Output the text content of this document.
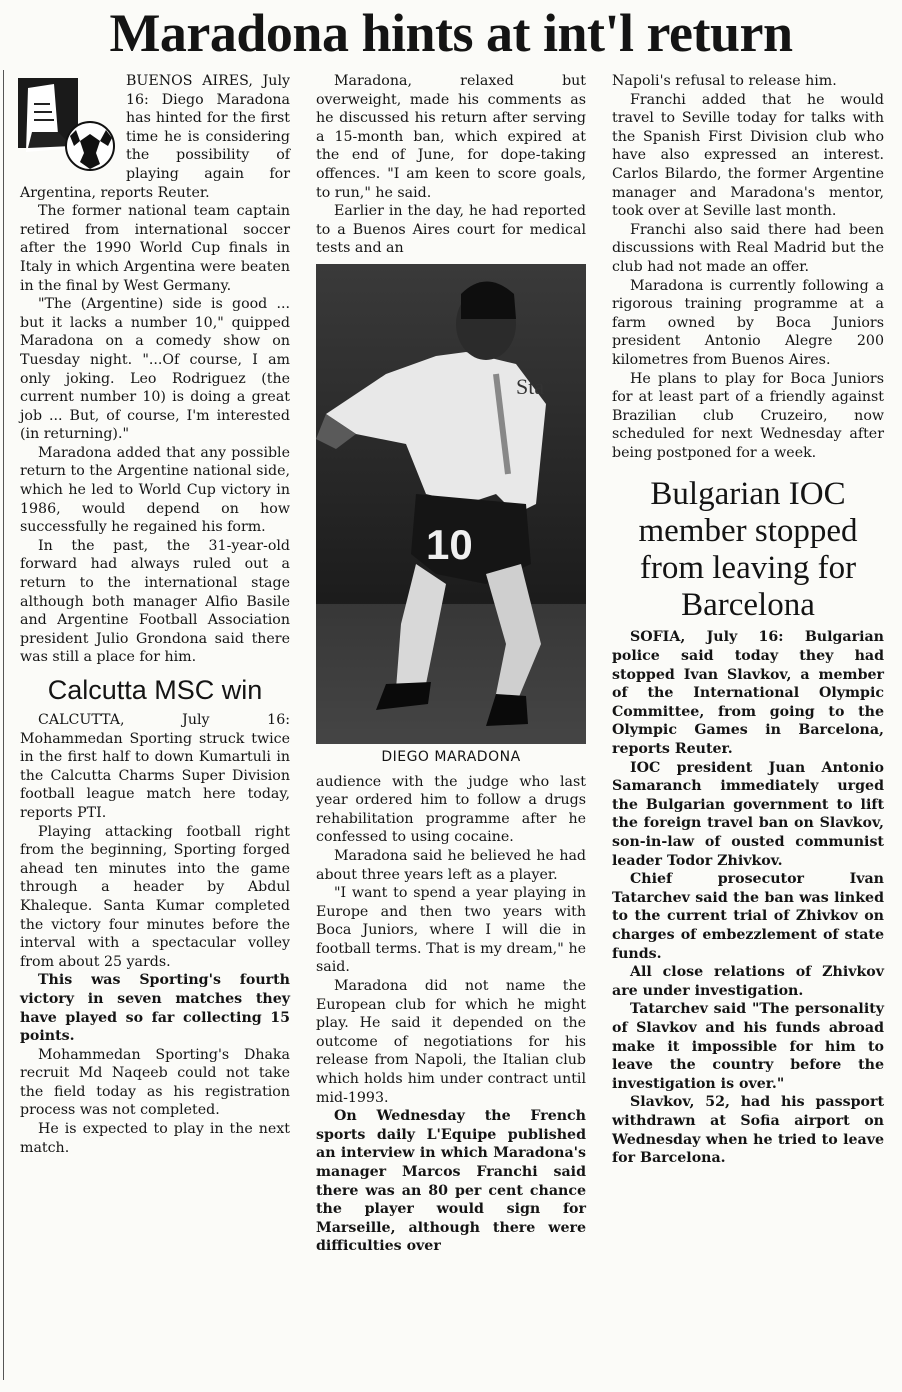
Maradona hints at int'l return

BUENOS AIRES, July 16: Diego Maradona has hinted for the first time he is considering the possibility of playing again for Argentina, reports Reuter.

The former national team captain retired from international soccer after the 1990 World Cup finals in Italy in which Argentina were beaten in the final by West Germany.

"The (Argentine) side is good ... but it lacks a number 10," quipped Maradona on a comedy show on Tuesday night. "...Of course, I am only joking. Leo Rodriguez (the current number 10) is doing a great job ... But, of course, I'm interested (in returning)."

Maradona added that any possible return to the Argentine national side, which he led to World Cup victory in 1986, would depend on how successfully he regained his form.

In the past, the 31-year-old forward had always ruled out a return to the international stage although both manager Alfio Basile and Argentine Football Association president Julio Grondona said there was still a place for him.

Calcutta MSC win

CALCUTTA, July 16: Mohammedan Sporting struck twice in the first half to down Kumartuli in the Calcutta Charms Super Division football league match here today, reports PTI.

Playing attacking football right from the beginning, Sporting forged ahead ten minutes into the game through a header by Abdul Khaleque. Santa Kumar completed the victory four minutes before the interval with a spectacular volley from about 25 yards.

This was Sporting's fourth victory in seven matches they have played so far collecting 15 points.

Mohammedan Sporting's Dhaka recruit Md Naqeeb could not take the field today as his registration process was not completed.

He is expected to play in the next match.

Maradona, relaxed but overweight, made his comments as he discussed his return after serving a 15-month ban, which expired at the end of June, for dope-taking offences. "I am keen to score goals, to run," he said.

Earlier in the day, he had reported to a Buenos Aires court for medical tests and an

Sta
10
DIEGO MARADONA

audience with the judge who last year ordered him to follow a drugs rehabilitation programme after he confessed to using cocaine.

Maradona said he believed he had about three years left as a player.

"I want to spend a year playing in Europe and then two years with Boca Juniors, where I will die in football terms. That is my dream," he said.

Maradona did not name the European club for which he might play. He said it depended on the outcome of negotiations for his release from Napoli, the Italian club which holds him under contract until mid-1993.

On Wednesday the French sports daily L'Equipe published an interview in which Maradona's manager Marcos Franchi said there was an 80 per cent chance the player would sign for Marseille, although there were difficulties over

Napoli's refusal to release him.

Franchi added that he would travel to Seville today for talks with the Spanish First Division club who have also expressed an interest. Carlos Bilardo, the former Argentine manager and Maradona's mentor, took over at Seville last month.

Franchi also said there had been discussions with Real Madrid but the club had not made an offer.

Maradona is currently following a rigorous training programme at a farm owned by Boca Juniors president Antonio Alegre 200 kilometres from Buenos Aires.

He plans to play for Boca Juniors for at least part of a friendly against Brazilian club Cruzeiro, now scheduled for next Wednesday after being postponed for a week.

Bulgarian IOC member stopped from leaving for Barcelona

SOFIA, July 16: Bulgarian police said today they had stopped Ivan Slavkov, a member of the International Olympic Committee, from going to the Olympic Games in Barcelona, reports Reuter.

IOC president Juan Antonio Samaranch immediately urged the Bulgarian government to lift the foreign travel ban on Slavkov, son-in-law of ousted communist leader Todor Zhivkov.

Chief prosecutor Ivan Tatarchev said the ban was linked to the current trial of Zhivkov on charges of embezzlement of state funds.

All close relations of Zhivkov are under investigation.

Tatarchev said "The personality of Slavkov and his funds abroad make it impossible for him to leave the country before the investigation is over."

Slavkov, 52, had his passport withdrawn at Sofia airport on Wednesday when he tried to leave for Barcelona.
